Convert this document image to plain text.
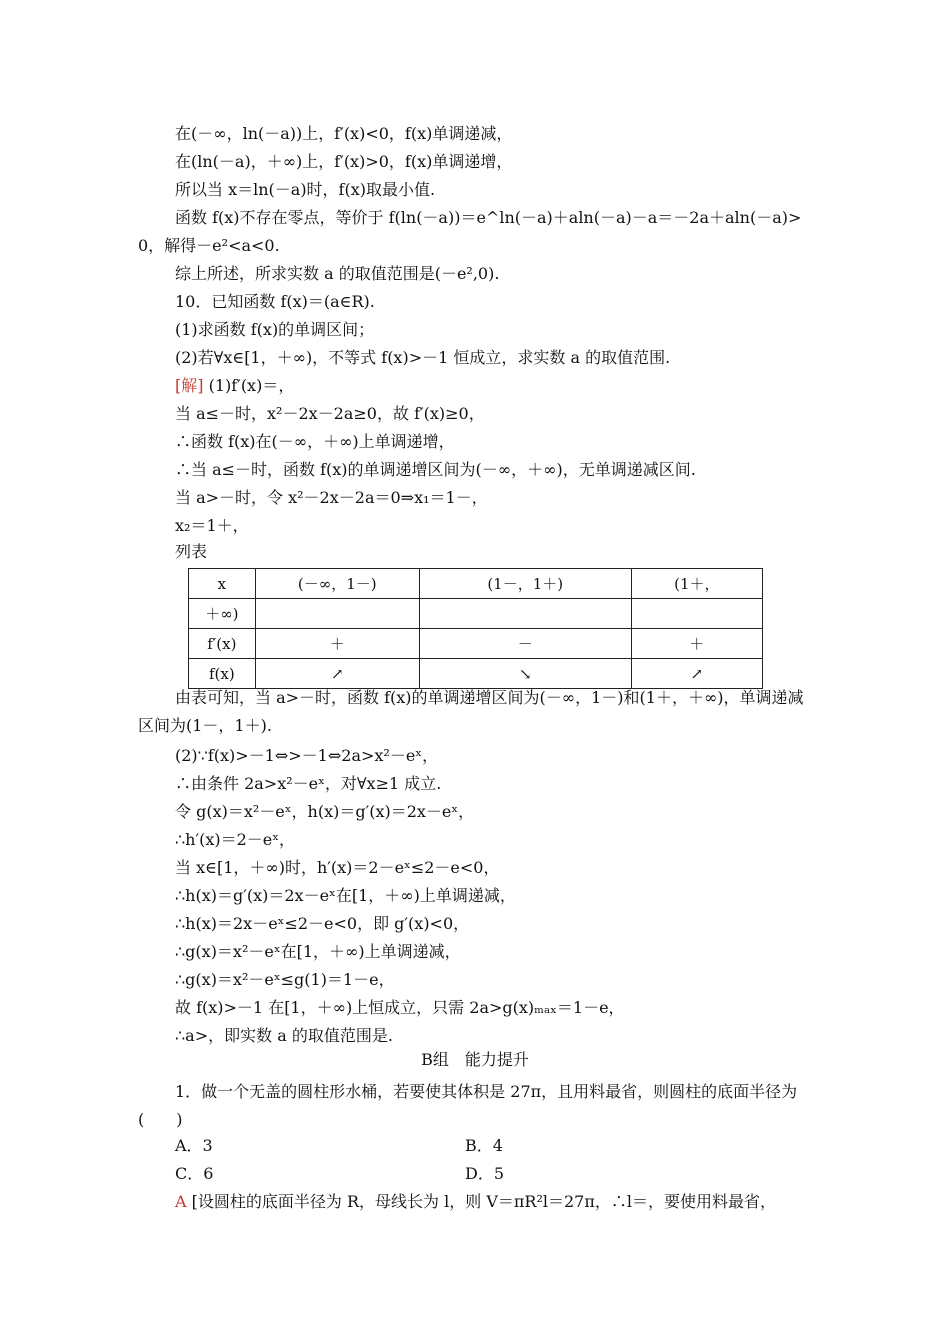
在(－∞，ln(－a))上，f′(x)<0，f(x)单调递减，
在(ln(－a)，＋∞)上，f′(x)>0，f(x)单调递增，
所以当 x＝ln(－a)时，f(x)取最小值.
函数 f(x)不存在零点，等价于 f(ln(－a))＝e^ln(－a)＋aln(－a)－a＝－2a＋aln(－a)>
0，解得－e²<a<0.
综上所述，所求实数 a 的取值范围是(－e²,0).
10．已知函数 f(x)＝(a∈R).
(1)求函数 f(x)的单调区间；
(2)若∀x∈[1，＋∞)，不等式 f(x)>－1 恒成立，求实数 a 的取值范围.
[解] (1)f′(x)＝，
当 a≤－时，x²－2x－2a≥0，故 f′(x)≥0，
∴函数 f(x)在(－∞，＋∞)上单调递增，
∴当 a≤－时，函数 f(x)的单调递增区间为(－∞，＋∞)，无单调递减区间.
当 a>－时，令 x²－2x－2a＝0⇒x₁＝1－，
x₂＝1＋，
列表
x	(－∞，1－)	(1－，1＋)	(1＋，
＋∞)			
f′(x)	＋	－	＋
f(x)	↗	↘	↗
由表可知，当 a>－时，函数 f(x)的单调递增区间为(－∞，1－)和(1＋，＋∞)，单调递减区间为(1－，1＋).
(2)∵f(x)>－1⇔>－1⇔2a>x²－eˣ，
∴由条件 2a>x²－eˣ，对∀x≥1 成立.
令 g(x)＝x²－eˣ，h(x)＝g′(x)＝2x－eˣ，
∴h′(x)＝2－eˣ，
当 x∈[1，＋∞)时，h′(x)＝2－eˣ≤2－e<0，
∴h(x)＝g′(x)＝2x－eˣ在[1，＋∞)上单调递减，
∴h(x)＝2x－eˣ≤2－e<0，即 g′(x)<0，
∴g(x)＝x²－eˣ在[1，＋∞)上单调递减，
∴g(x)＝x²－eˣ≤g(1)＝1－e，
故 f(x)>－1 在[1，＋∞)上恒成立，只需 2a>g(x)ₘₐₓ＝1－e，
∴a>，即实数 a 的取值范围是.
B组　能力提升
1．做一个无盖的圆柱形水桶，若要使其体积是 27π，且用料最省，则圆柱的底面半径为(　　)
A．3	B．4
C．6	D．5
A [设圆柱的底面半径为 R，母线长为 l，则 V＝πR²l＝27π，∴l＝，要使用料最省，
